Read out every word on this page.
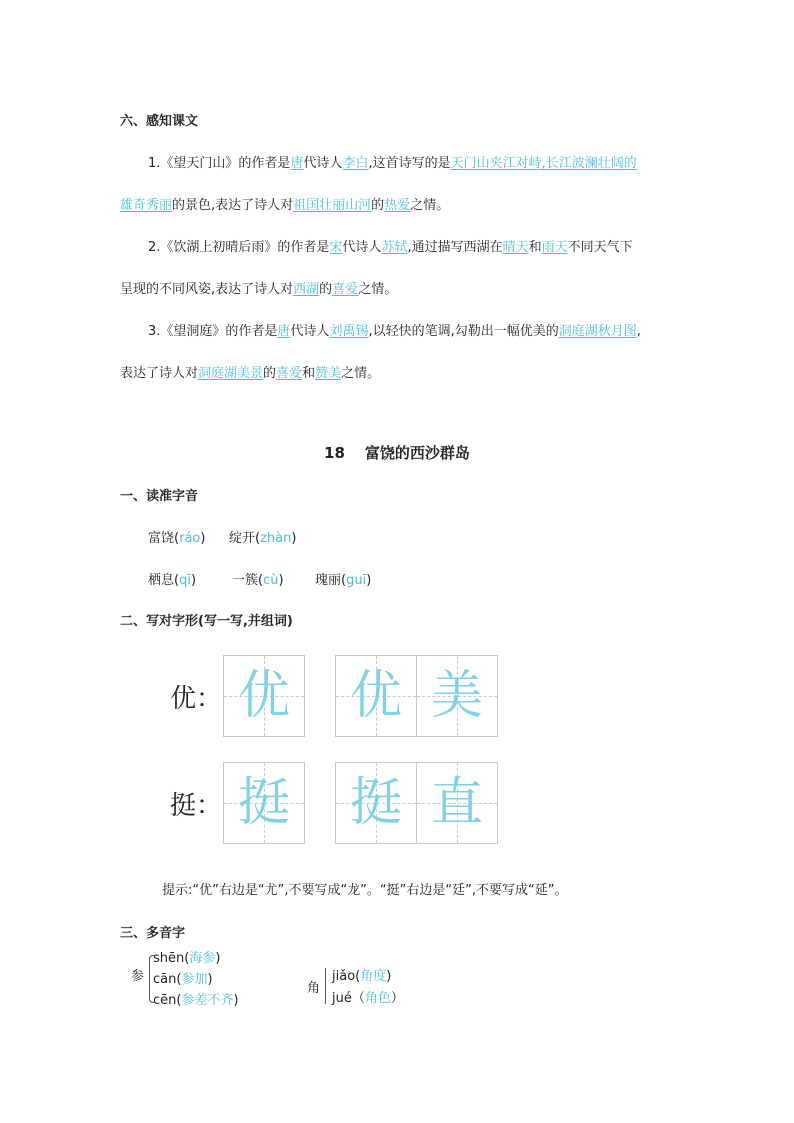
六、感知课文
1.《望天门山》的作者是唐代诗人李白,这首诗写的是天门山夹江对峙,长江波澜壮阔的
雄奇秀丽的景色,表达了诗人对祖国壮丽山河的热爱之情。
2.《饮湖上初晴后雨》的作者是宋代诗人苏轼,通过描写西湖在晴天和雨天不同天气下
呈现的不同风姿,表达了诗人对西湖的喜爱之情。
3.《望洞庭》的作者是唐代诗人刘禹锡,以轻快的笔调,勾勒出一幅优美的洞庭湖秋月图,
表达了诗人对洞庭湖美景的喜爱和赞美之情。
18 富饶的西沙群岛
一、读准字音
富饶(ráo) 绽开(zhàn)
栖息(qī)	一簇(cù) 瑰丽(guī)
二、写对字形(写一写,并组词)
优： 优 优 美
挺： 挺 挺 直
提示:“优”右边是“尤”,不要写成“龙”。“挺”右边是“廷”,不要写成“延”。
三、多音字
参
shēn(海参)
cān(参加)
cēn(参差不齐)
角
jiǎo(角度)
jué（角色）
